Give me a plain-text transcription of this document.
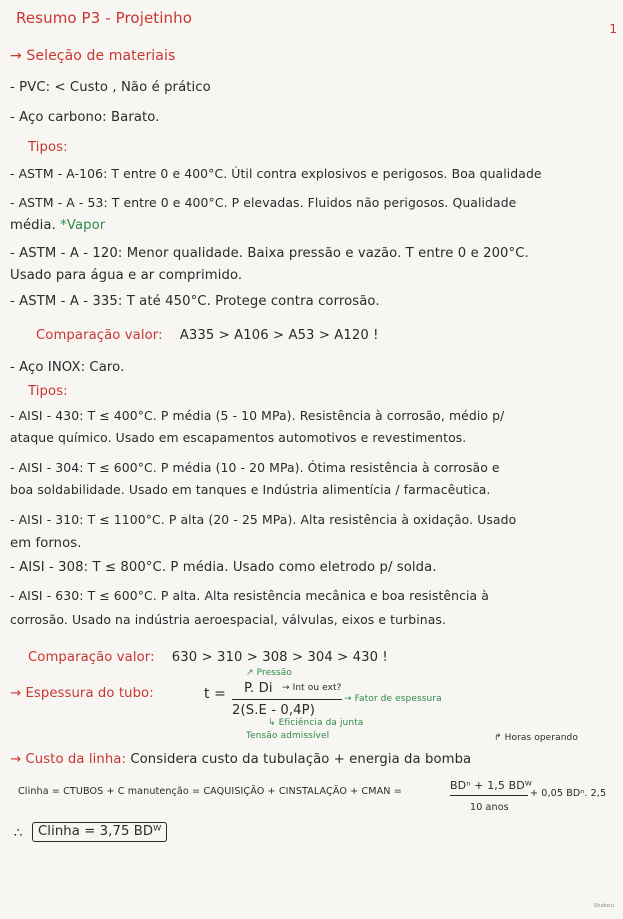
Resumo P3 - Projetinho
1
→ Seleção de materiais
- PVC: < Custo , Não é prático
- Aço carbono: Barato.
Tipos:
- ASTM - A-106: T entre 0 e 400°C. Útil contra explosivos e perigosos. Boa qualidade
- ASTM - A - 53: T entre 0 e 400°C. P elevadas. Fluidos não perigosos. Qualidade
média. *Vapor
- ASTM - A - 120: Menor qualidade. Baixa pressão e vazão. T entre 0 e 200°C.
Usado para água e ar comprimido.
- ASTM - A - 335: T até 450°C. Protege contra corrosão.
Comparação valor: A335 > A106 > A53 > A120 !
- Aço INOX: Caro.
Tipos:
- AISI - 430: T ≤ 400°C. P média (5 - 10 MPa). Resistência à corrosão, médio p/
ataque químico. Usado em escapamentos automotivos e revestimentos.
- AISI - 304: T ≤ 600°C. P média (10 - 20 MPa). Ótima resistência à corrosão e
boa soldabilidade. Usado em tanques e Indústria alimentícia / farmacêutica.
- AISI - 310: T ≤ 1100°C. P alta (20 - 25 MPa). Alta resistência à oxidação. Usado
em fornos.
- AISI - 308: T ≤ 800°C. P média. Usado como eletrodo p/ solda.
- AISI - 630: T ≤ 600°C. P alta. Alta resistência mecânica e boa resistência à
corrosão. Usado na indústria aeroespacial, válvulas, eixos e turbinas.
Comparação valor: 630 > 310 > 308 > 304 > 430 !
→ Espessura do tubo:	t =
↗ Pressão
P. Di → Int ou ext?
2(S.E - 0,4P)
→ Fator de espessura
↳ Eficiência da junta
Tensão admissível	↱ Horas operando
→ Custo da linha: Considera custo da tubulação + energia da bomba
Clinha = CTUBOS + C manutenção = CAQUISIÇÃO + CINSTALAÇÃO + CMAN =	BDⁿ + 1,5 BDᵂ
10 anos
+ 0,05 BDⁿ. 2,5
∴	Clinha = 3,75 BDᵂ
Studocu
